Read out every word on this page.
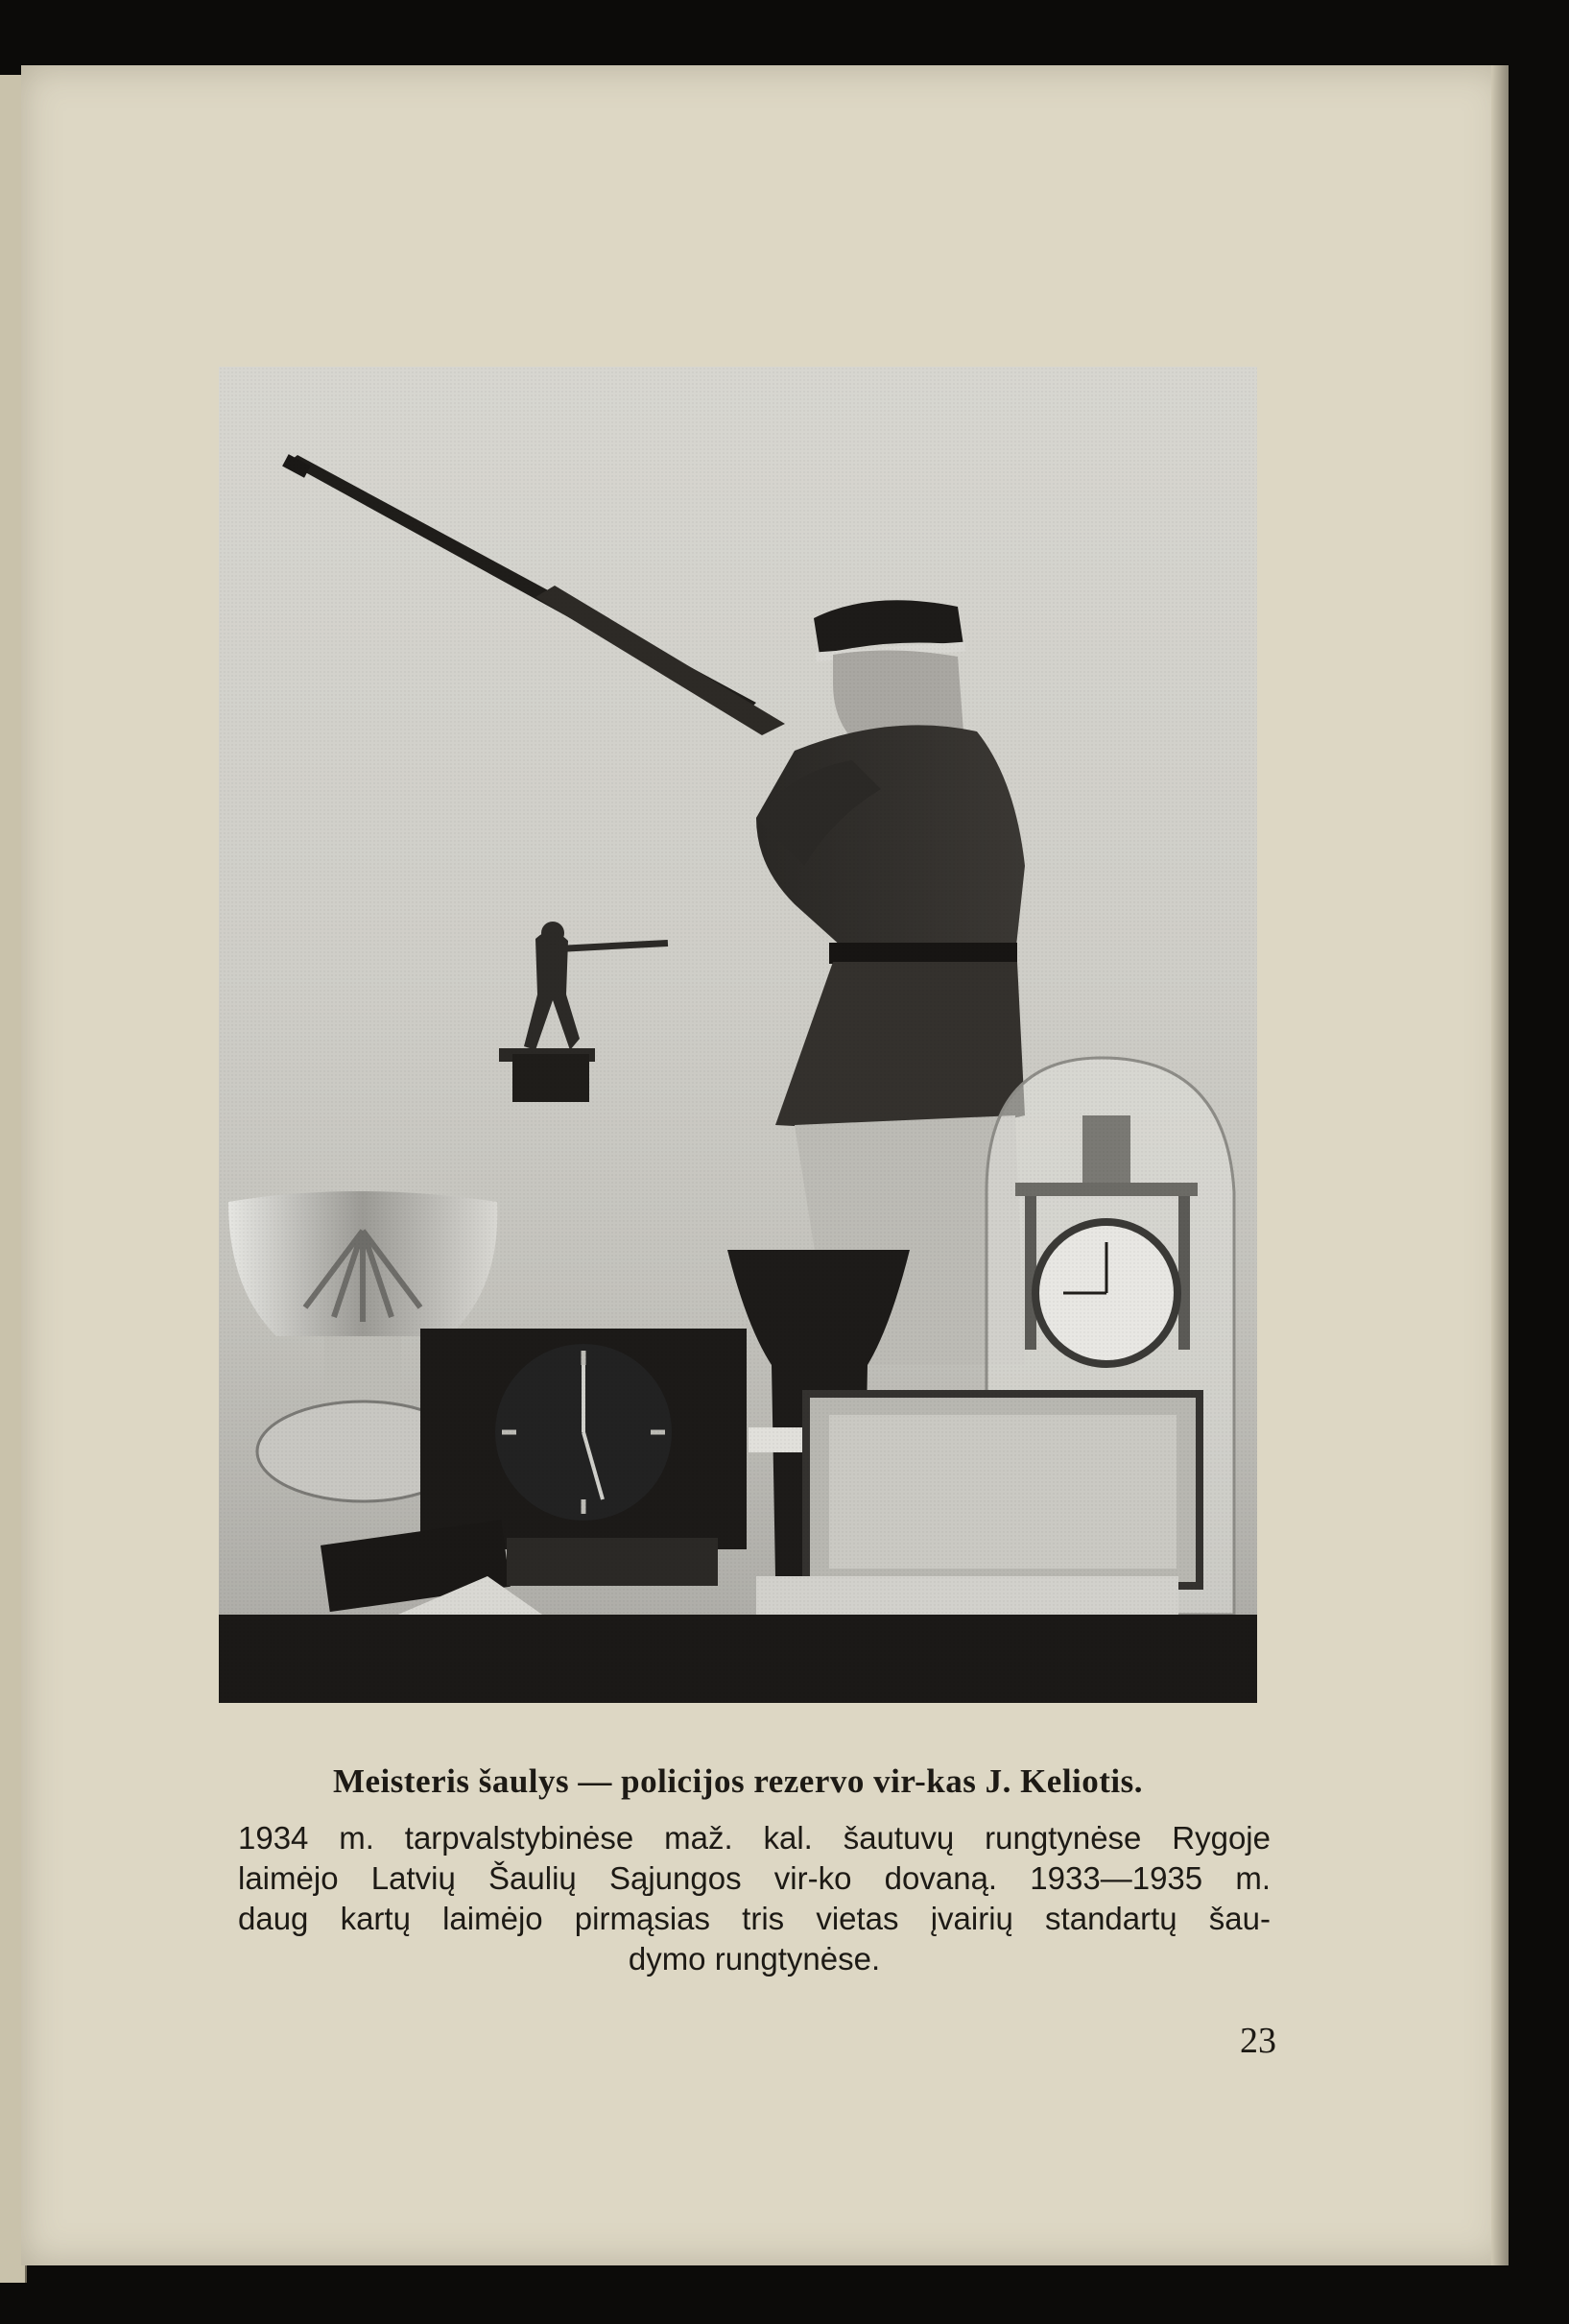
Meisteris šaulys — policijos rezervo vir-kas J. Keliotis.
1934 m. tarpvalstybinėse maž. kal. šautuvų rungtynėse Rygoje
laimėjo Latvių Šaulių Sąjungos vir-ko dovaną. 1933—1935 m.
daug kartų laimėjo pirmąsias tris vietas įvairių standartų šau-
dymo rungtynėse.
23
